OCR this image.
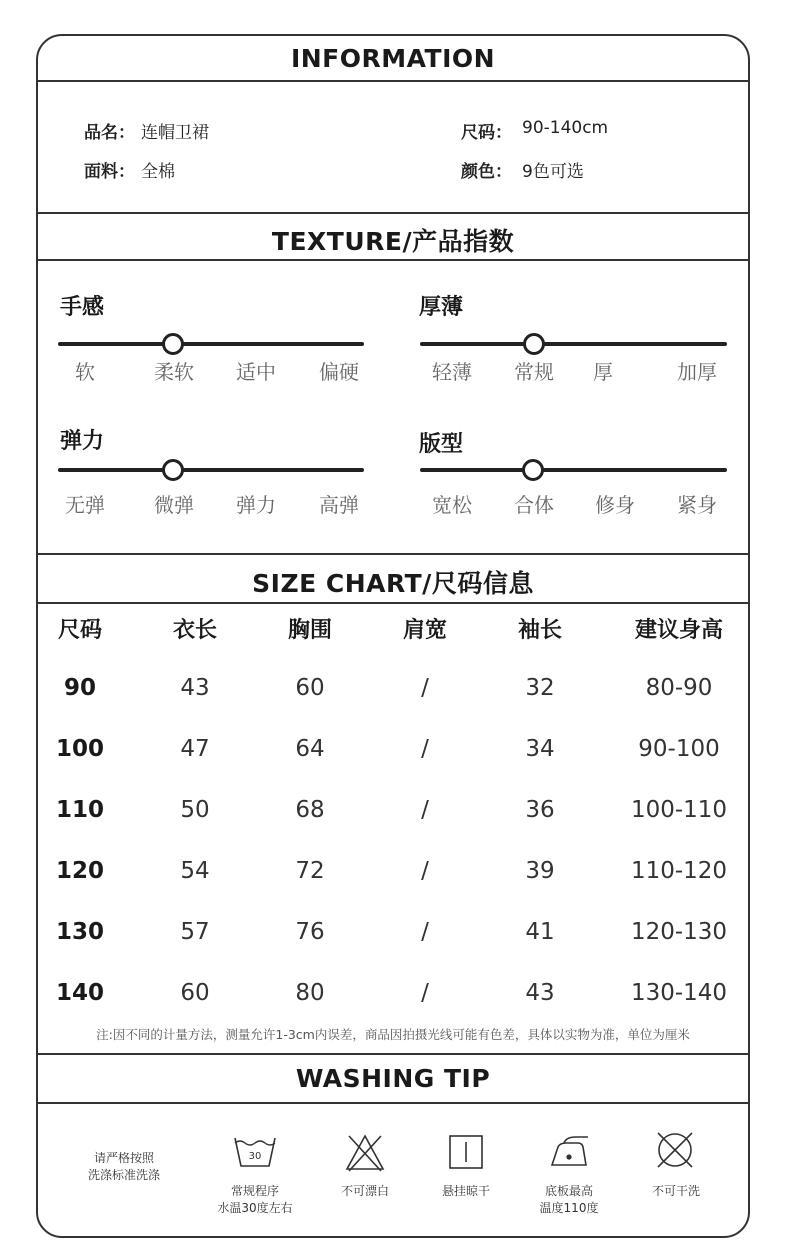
INFORMATION
品名： 连帽卫裙	尺码： 90-140cm
面料： 全棉	颜色： 9色可选
TEXTURE/产品指数
手感
软	柔软	适中	偏硬
厚薄
轻薄	常规	厚	加厚
弹力
无弹	微弹	弹力	高弹
版型
宽松	合体	修身	紧身
SIZE CHART/尺码信息
尺码	衣长	胸围	肩宽	袖长	建议身高
90	43	60	/	32	80-90
100	47	64	/	34	90-100
110	50	68	/	36	100-110
120	54	72	/	39	110-120
130	57	76	/	41	120-130
140	60	80	/	43	130-140
注:因不同的计量方法，测量允许1-3cm内误差，商品因拍摄光线可能有色差，具体以实物为准，单位为厘米
WASHING TIP
请严格按照
洗涤标准洗涤
30
常规程序
水温30度左右
不可漂白	悬挂晾干	底板最高
温度110度
不可干洗
